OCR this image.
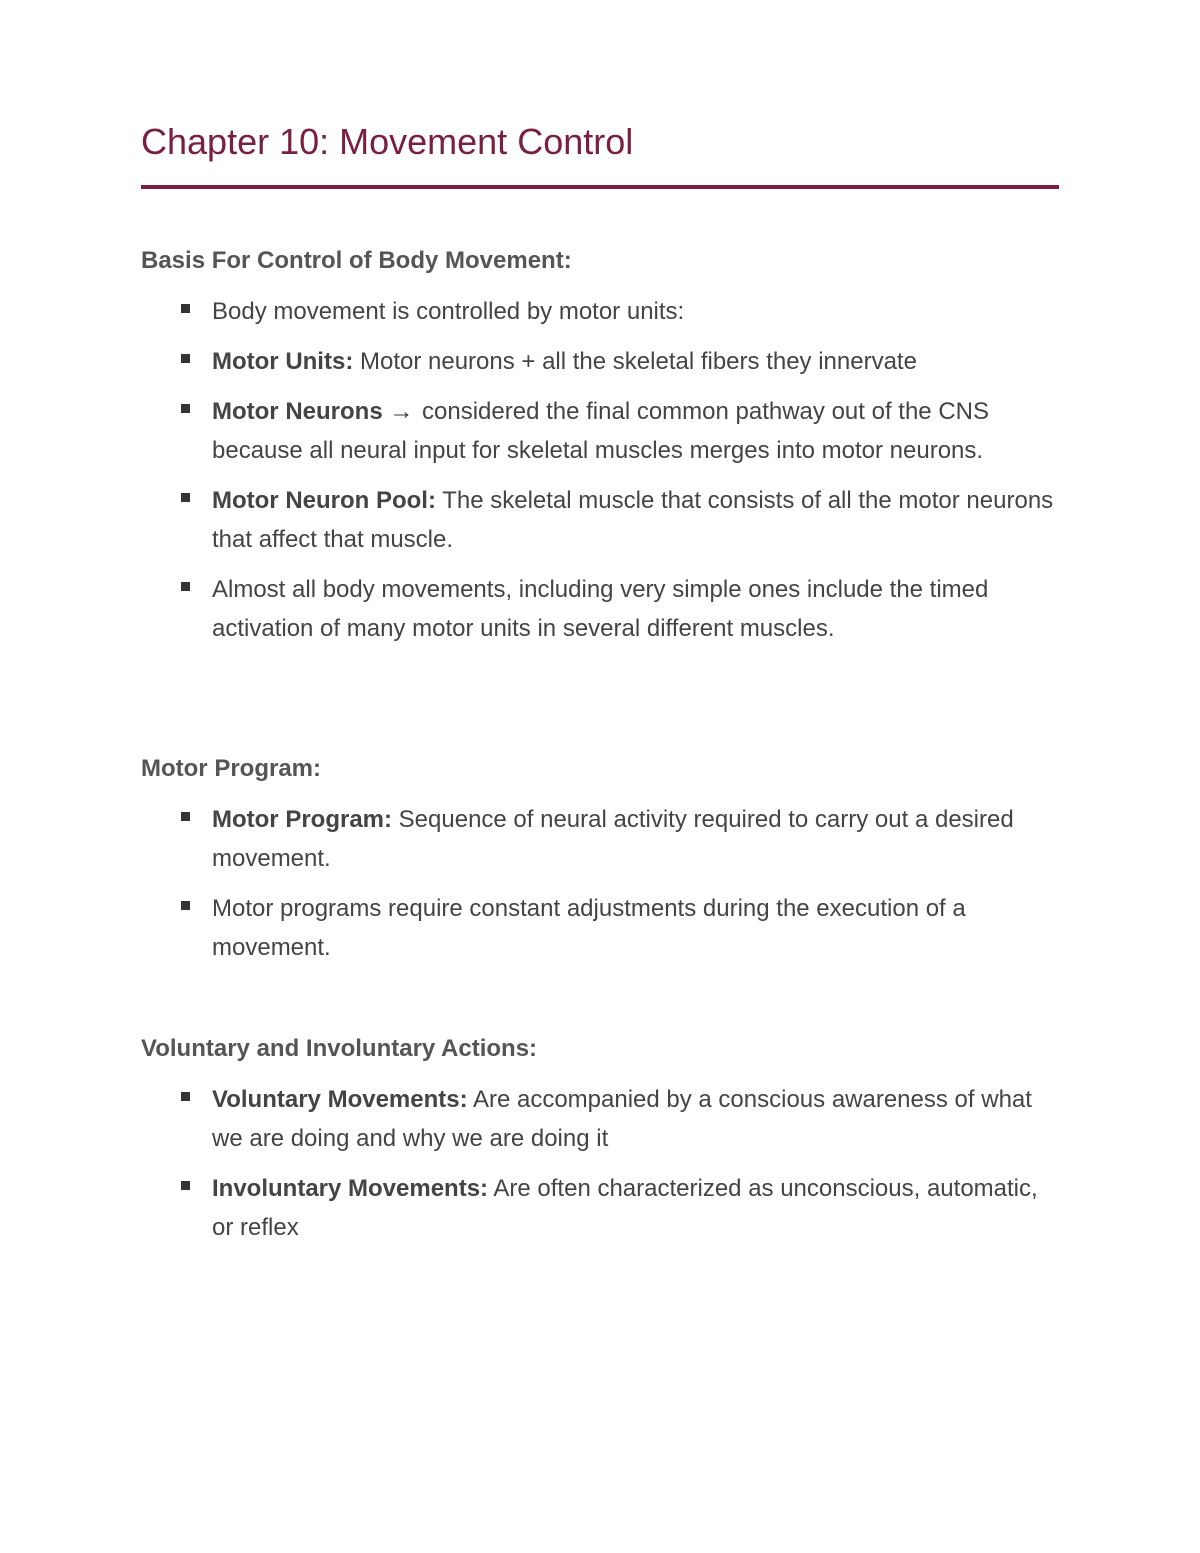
Chapter 10: Movement Control
Basis For Control of Body Movement:
Body movement is controlled by motor units:
Motor Units: Motor neurons + all the skeletal fibers they innervate
Motor Neurons → considered the final common pathway out of the CNS because all neural input for skeletal muscles merges into motor neurons.
Motor Neuron Pool: The skeletal muscle that consists of all the motor neurons that affect that muscle.
Almost all body movements, including very simple ones include the timed activation of many motor units in several different muscles.
Motor Program:
Motor Program: Sequence of neural activity required to carry out a desired movement.
Motor programs require constant adjustments during the execution of a movement.
Voluntary and Involuntary Actions:
Voluntary Movements: Are accompanied by a conscious awareness of what we are doing and why we are doing it
Involuntary Movements: Are often characterized as unconscious, automatic, or reflex
